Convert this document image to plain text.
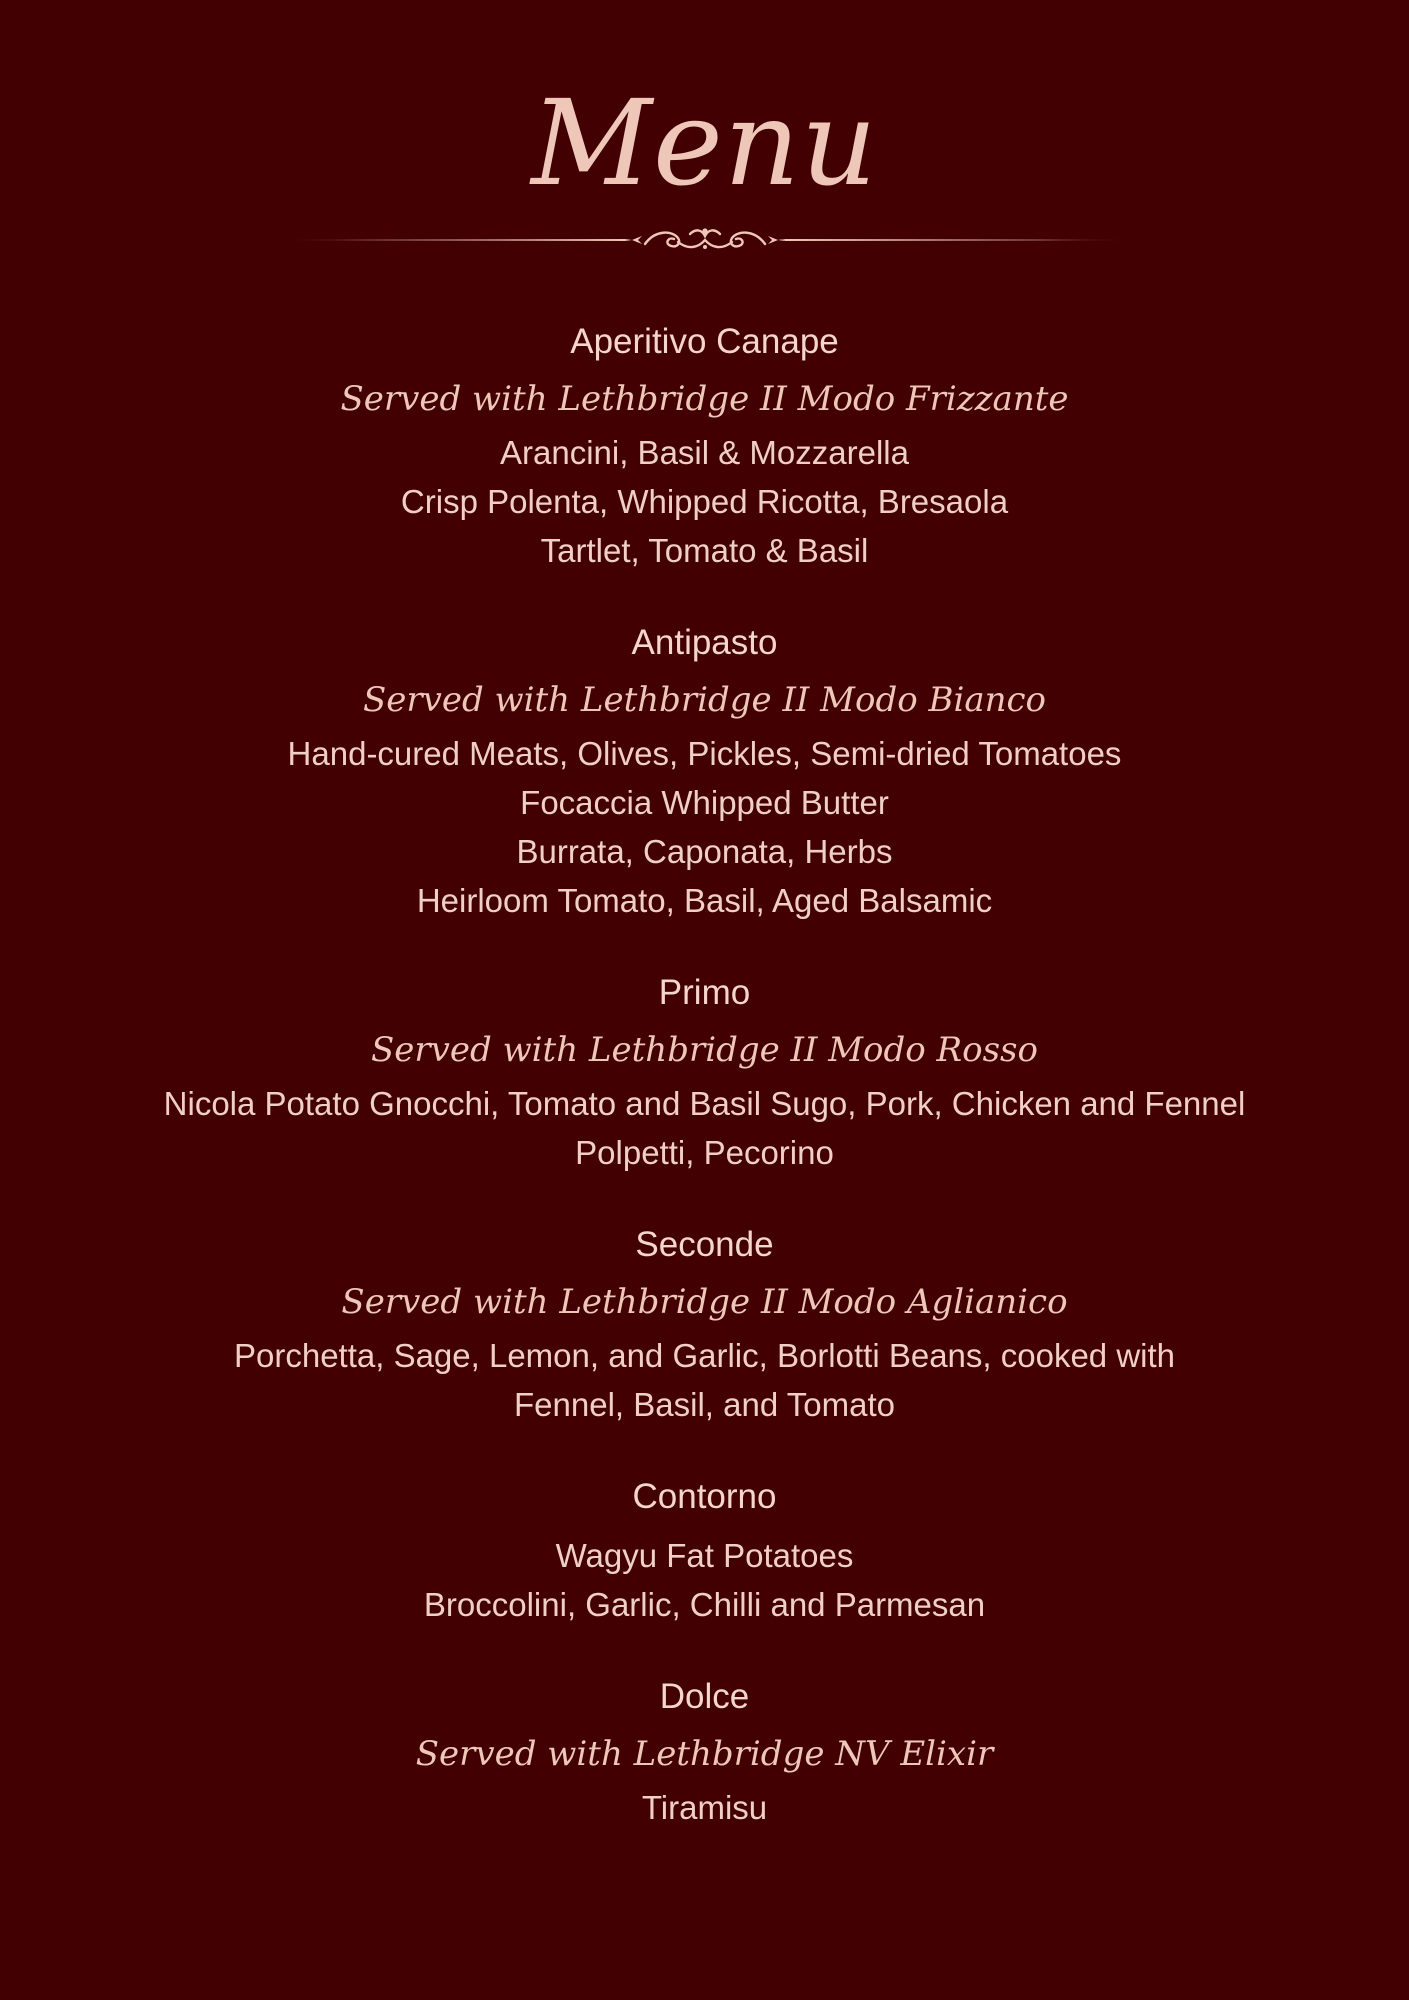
Menu
Aperitivo Canape
Served with Lethbridge II Modo Frizzante
Arancini, Basil & Mozzarella
Crisp Polenta, Whipped Ricotta, Bresaola
Tartlet, Tomato & Basil
Antipasto
Served with Lethbridge II Modo Bianco
Hand-cured Meats, Olives, Pickles, Semi-dried Tomatoes
Focaccia Whipped Butter
Burrata, Caponata, Herbs
Heirloom Tomato, Basil, Aged Balsamic
Primo
Served with Lethbridge II Modo Rosso
Nicola Potato Gnocchi, Tomato and Basil Sugo, Pork, Chicken and Fennel Polpetti, Pecorino
Seconde
Served with Lethbridge II Modo Aglianico
Porchetta, Sage, Lemon, and Garlic, Borlotti Beans, cooked with Fennel, Basil, and Tomato
Contorno
Wagyu Fat Potatoes
Broccolini, Garlic, Chilli and Parmesan
Dolce
Served with Lethbridge NV Elixir
Tiramisu
